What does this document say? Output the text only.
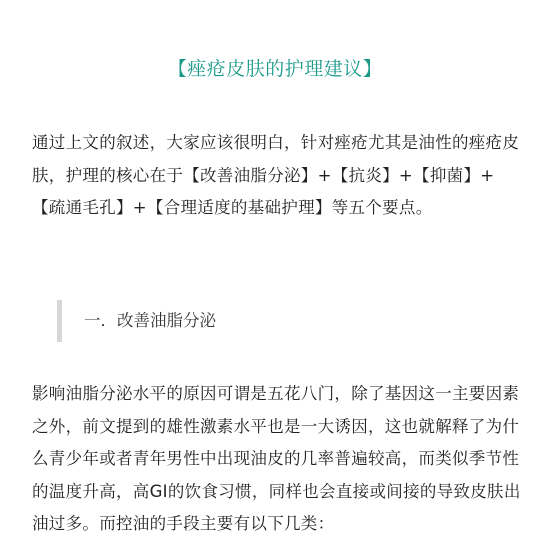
【痤疮皮肤的护理建议】

通过上文的叙述，大家应该很明白，针对痤疮尤其是油性的痤疮皮肤，护理的核心在于【改善油脂分泌】+【抗炎】+【抑菌】+【疏通毛孔】+【合理适度的基础护理】等五个要点。

一．改善油脂分泌

影响油脂分泌水平的原因可谓是五花八门，除了基因这一主要因素之外，前文提到的雄性激素水平也是一大诱因，这也就解释了为什么青少年或者青年男性中出现油皮的几率普遍较高，而类似季节性的温度升高，高GI的饮食习惯，同样也会直接或间接的导致皮肤出油过多。而控油的手段主要有以下几类：
